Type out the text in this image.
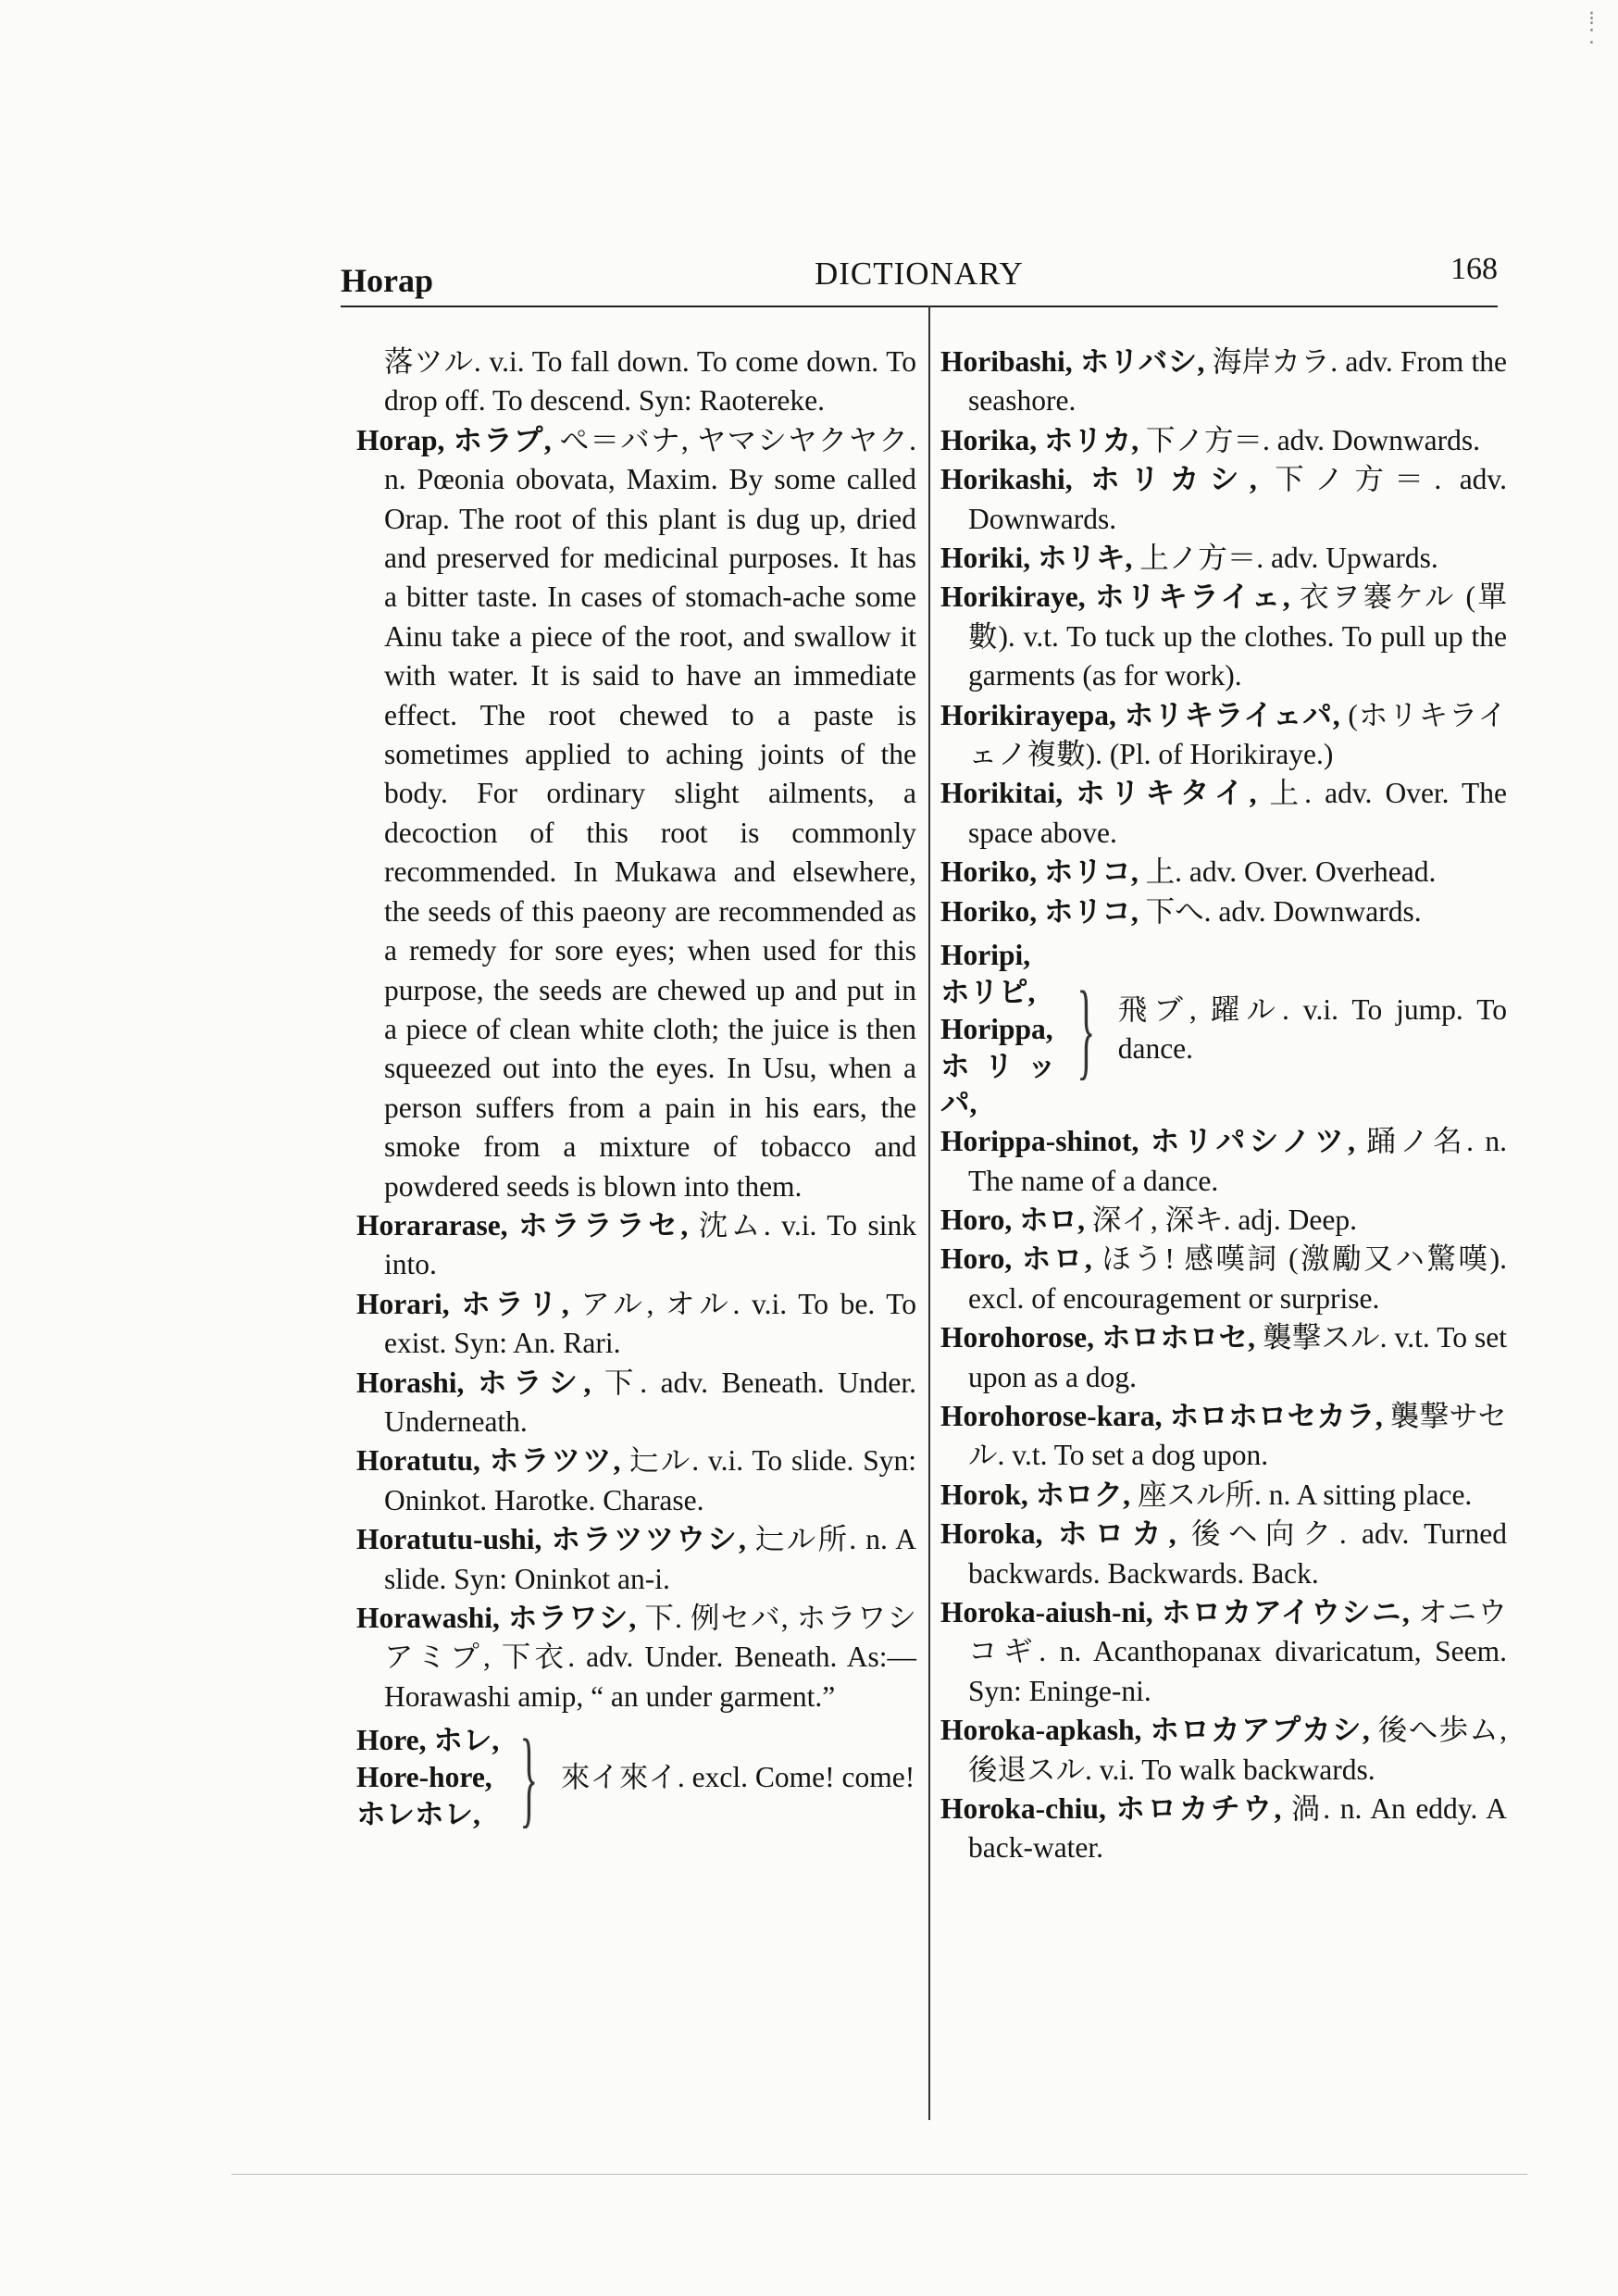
⁝
⁚
Horap	DICTIONARY	168

落ツル. v.i. To fall down. To come down. To drop off. To descend. Syn: Raotereke.

Horap, ホラプ, ぺ＝バナ, ヤマシヤクヤク. n. Pœonia obovata, Maxim. By some called Orap. The root of this plant is dug up, dried and preserved for medicinal purposes. It has a bitter taste. In cases of stomach-ache some Ainu take a piece of the root, and swallow it with water. It is said to have an immediate effect. The root chewed to a paste is sometimes applied to aching joints of the body. For ordinary slight ailments, a decoction of this root is commonly recommended. In Mukawa and elsewhere, the seeds of this paeony are recommended as a remedy for sore eyes; when used for this purpose, the seeds are chewed up and put in a piece of clean white cloth; the juice is then squeezed out into the eyes. In Usu, when a person suffers from a pain in his ears, the smoke from a mixture of tobacco and powdered seeds is blown into them.

Horararase, ホラララセ, 沈ム. v.i. To sink into.

Horari, ホラリ, アル, オル. v.i. To be. To exist. Syn: An. Rari.

Horashi, ホラシ, 下. adv. Beneath. Under. Underneath.

Horatutu, ホラツツ, 辷ル. v.i. To slide. Syn: Oninkot. Harotke. Charase.

Horatutu-ushi, ホラツツウシ, 辷ル所. n. A slide. Syn: Oninkot an-i.

Horawashi, ホラワシ, 下. 例セバ, ホラワシアミプ, 下衣. adv. Under. Beneath. As:—Horawashi amip, “ an under garment.”

Hore, ホレ,
Hore-hore,
ホレホレ, } 來イ來イ. excl. Come! come!

Horibashi, ホリバシ, 海岸カラ. adv. From the seashore.

Horika, ホリカ, 下ノ方＝. adv. Downwards.

Horikashi, ホリカシ, 下ノ方＝. adv. Downwards.

Horiki, ホリキ, 上ノ方＝. adv. Upwards.

Horikiraye, ホリキライェ, 衣ヲ褰ケル (單數). v.t. To tuck up the clothes. To pull up the garments (as for work).

Horikirayepa, ホリキライェパ, (ホリキライェノ複數). (Pl. of Horikiraye.)

Horikitai, ホリキタイ, 上. adv. Over. The space above.

Horiko, ホリコ, 上. adv. Over. Overhead.

Horiko, ホリコ, 下へ. adv. Downwards.

Horipi,
ホリピ,
Horippa,
ホリッパ,
} 飛ブ, 躍ル. v.i. To jump. To dance.

Horippa-shinot, ホリパシノツ, 踊ノ名. n. The name of a dance.

Horo, ホロ, 深イ, 深キ. adj. Deep.

Horo, ホロ, ほう! 感嘆詞 (激勵又ハ驚嘆). excl. of encouragement or surprise.

Horohorose, ホロホロセ, 襲撃スル. v.t. To set upon as a dog.

Horohorose-kara, ホロホロセカラ, 襲撃サセル. v.t. To set a dog upon.

Horok, ホロク, 座スル所. n. A sitting place.

Horoka, ホロカ, 後ヘ向ク. adv. Turned backwards. Backwards. Back.

Horoka-aiush-ni, ホロカアイウシニ, オニウコギ. n. Acanthopanax divaricatum, Seem. Syn: Eninge-ni.

Horoka-apkash, ホロカアプカシ, 後へ歩ム, 後退スル. v.i. To walk backwards.

Horoka-chiu, ホロカチウ, 渦. n. An eddy. A back-water.
